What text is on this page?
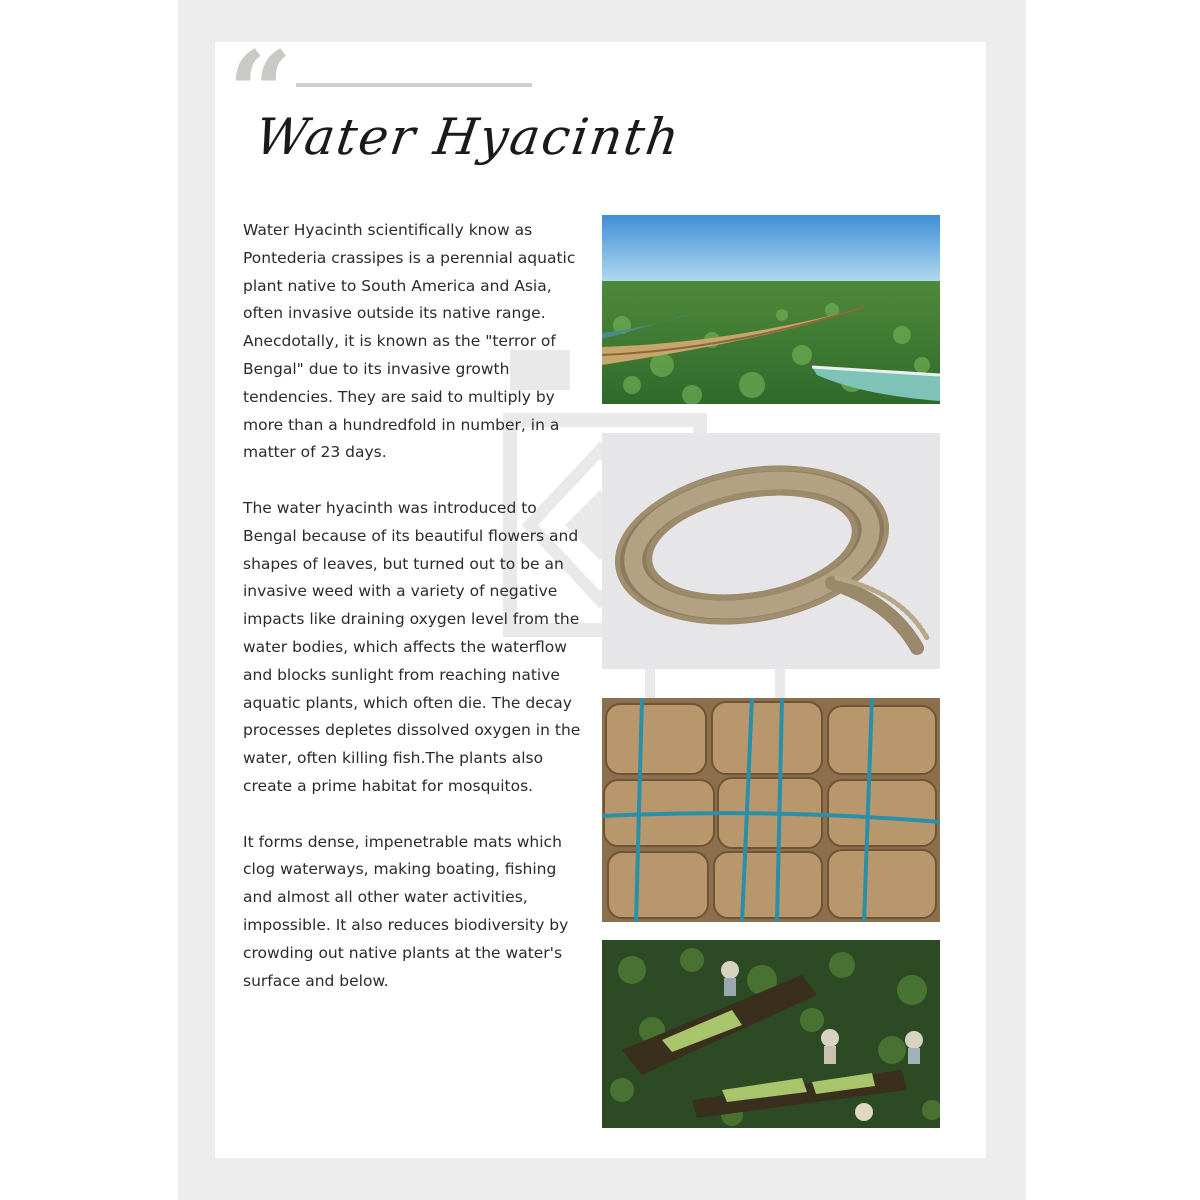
“
Water Hyacinth

Water Hyacinth scientifically know as Pontederia crassipes is a perennial aquatic plant native to South America and Asia, often invasive outside its native range. Anecdotally, it is known as the "terror of Bengal" due to its invasive growth tendencies. They are said to multiply by more than a hundredfold in number, in a matter of 23 days.

The water hyacinth was introduced to Bengal because of its beautiful flowers and shapes of leaves, but turned out to be an invasive weed with a variety of negative impacts like draining oxygen level from the water bodies, which affects the waterflow and blocks sunlight from reaching native aquatic plants, which often die. The decay processes depletes dissolved oxygen in the water, often killing fish.The plants also create a prime habitat for mosquitos.

It forms dense, impenetrable mats which clog waterways, making boating, fishing and almost all other water activities, impossible. It also reduces biodiversity by crowding out native plants at the water's surface and below.
